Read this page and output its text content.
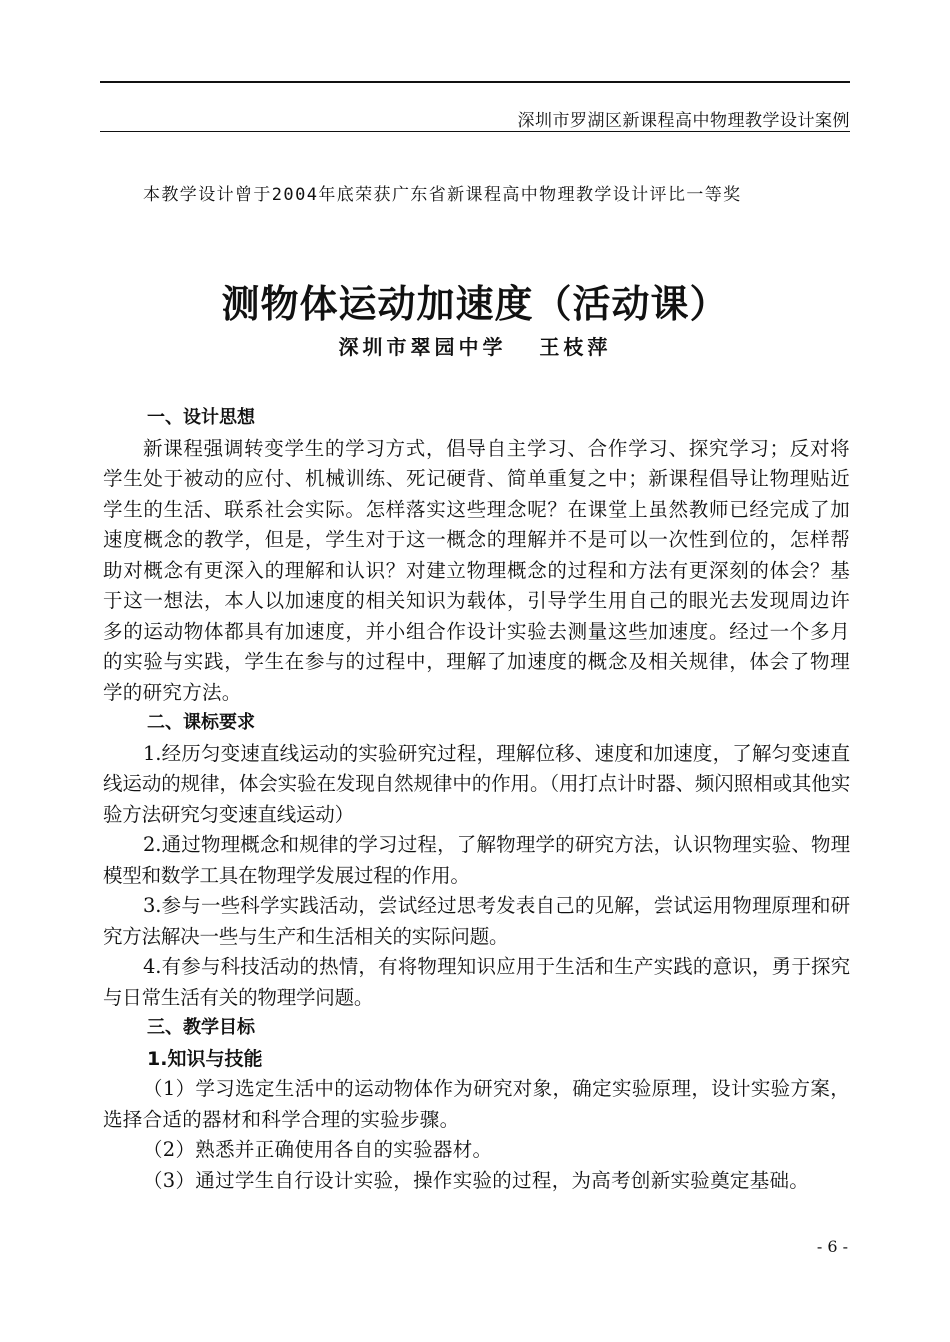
深圳市罗湖区新课程高中物理教学设计案例
本教学设计曾于2004年底荣获广东省新课程高中物理教学设计评比一等奖
测物体运动加速度（活动课）
深圳市翠园中学   王枝萍
一、设计思想

新课程强调转变学生的学习方式，倡导自主学习、合作学习、探究学习；反对将学生处于被动的应付、机械训练、死记硬背、简单重复之中；新课程倡导让物理贴近学生的生活、联系社会实际。怎样落实这些理念呢？在课堂上虽然教师已经完成了加速度概念的教学，但是，学生对于这一概念的理解并不是可以一次性到位的，怎样帮助对概念有更深入的理解和认识？对建立物理概念的过程和方法有更深刻的体会？基于这一想法，本人以加速度的相关知识为载体，引导学生用自己的眼光去发现周边许多的运动物体都具有加速度，并小组合作设计实验去测量这些加速度。经过一个多月的实验与实践，学生在参与的过程中，理解了加速度的概念及相关规律，体会了物理学的研究方法。

二、课标要求

1.经历匀变速直线运动的实验研究过程，理解位移、速度和加速度，了解匀变速直线运动的规律，体会实验在发现自然规律中的作用。（用打点计时器、频闪照相或其他实验方法研究匀变速直线运动）

2.通过物理概念和规律的学习过程，了解物理学的研究方法，认识物理实验、物理模型和数学工具在物理学发展过程的作用。

3.参与一些科学实践活动，尝试经过思考发表自己的见解，尝试运用物理原理和研究方法解决一些与生产和生活相关的实际问题。

4.有参与科技活动的热情，有将物理知识应用于生活和生产实践的意识，勇于探究与日常生活有关的物理学问题。

三、教学目标
1.知识与技能

（1）学习选定生活中的运动物体作为研究对象，确定实验原理，设计实验方案，选择合适的器材和科学合理的实验步骤。

（2）熟悉并正确使用各自的实验器材。

（3）通过学生自行设计实验，操作实验的过程，为高考创新实验奠定基础。

- 6 -
